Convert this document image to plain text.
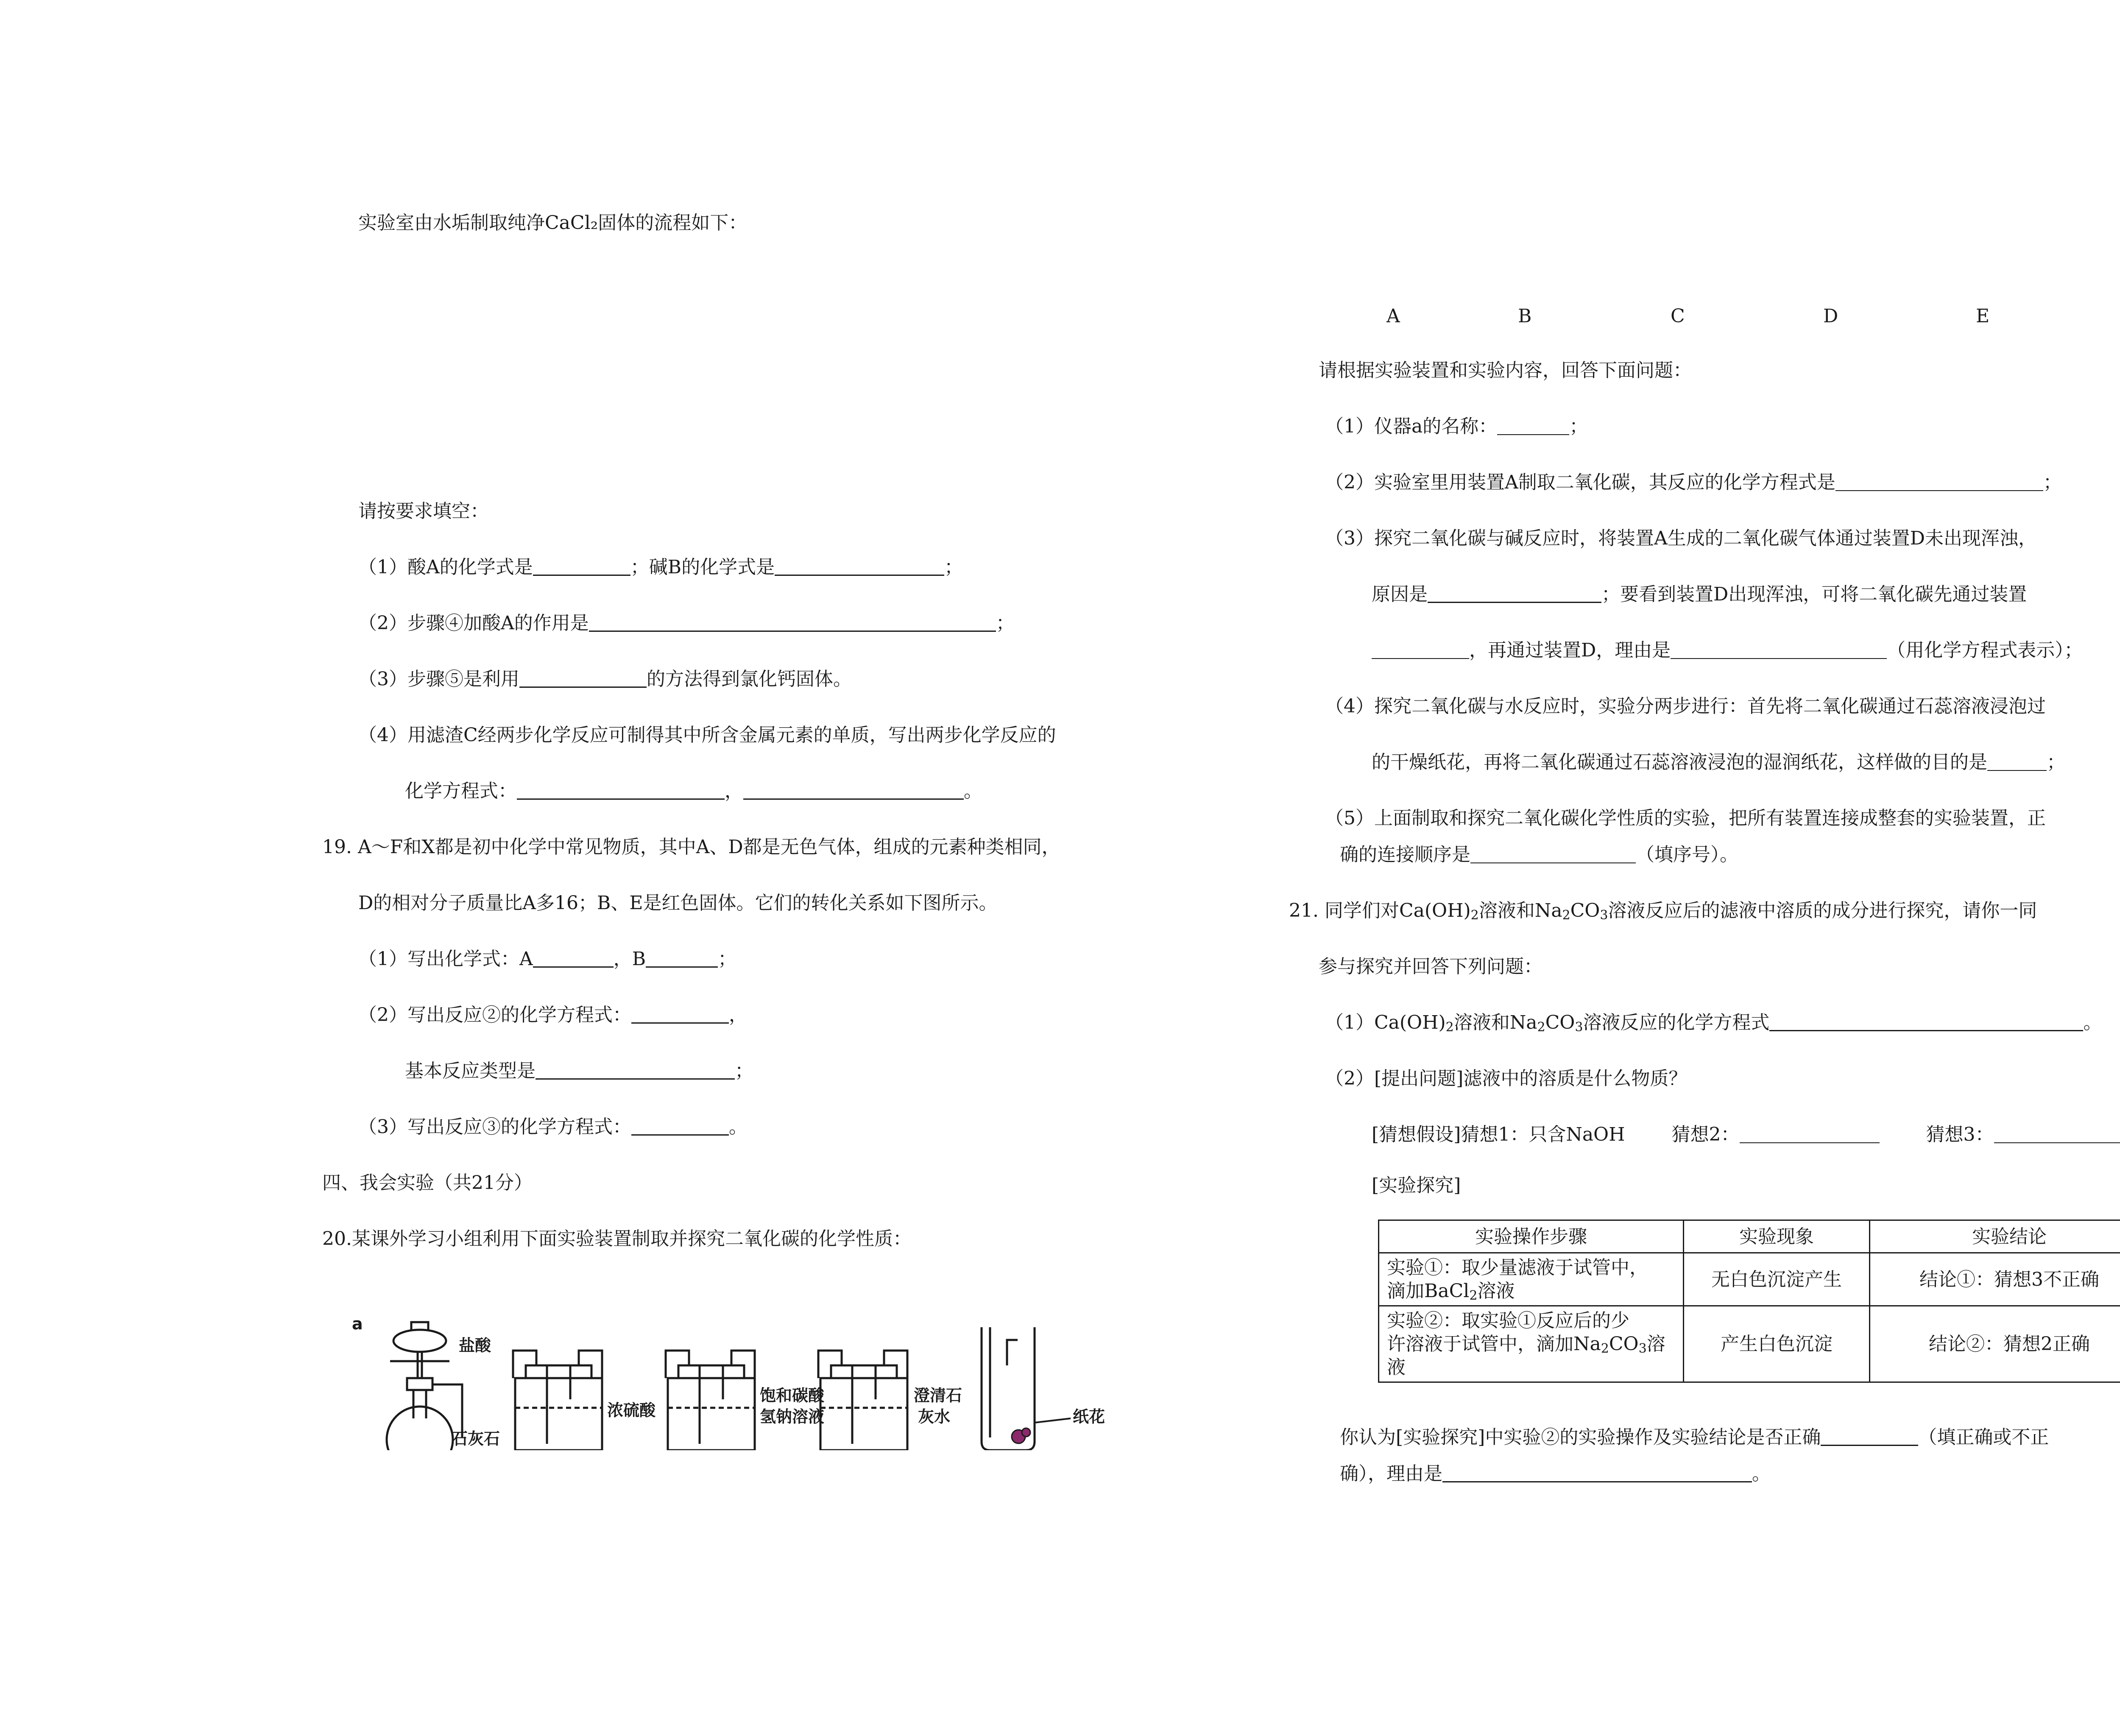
实验室由水垢制取纯净CaCl₂固体的流程如下：
请按要求填空：
（1）酸A的化学式是	；碱B的化学式是	；
（2）步骤④加酸A的作用是	；
（3）步骤⑤是利用	的方法得到氯化钙固体。
（4）用滤渣C经两步化学反应可制得其中所含金属元素的单质，写出两步化学反应的
化学方程式：	，	。
19. A～F和X都是初中化学中常见物质，其中A、D都是无色气体，组成的元素种类相同，
D的相对分子质量比A多16；B、E是红色固体。它们的转化关系如下图所示。
（1）写出化学式：A	，B	；
（2）写出反应②的化学方程式：	，
基本反应类型是	；
（3）写出反应③的化学方程式：	。
四、我会实验（共21分）
20.某课外学习小组利用下面实验装置制取并探究二氧化碳的化学性质：
a
盐酸
石灰石
浓硫酸
饱和碳酸
氢钠溶液
澄清石
灰水	纸花
A	B	C	D	E
请根据实验装置和实验内容，回答下面问题：
（1）仪器a的名称：	；
（2）实验室里用装置A制取二氧化碳，其反应的化学方程式是	；
（3）探究二氧化碳与碱反应时，将装置A生成的二氧化碳气体通过装置D未出现浑浊，
原因是	；要看到装置D出现浑浊，可将二氧化碳先通过装置
，再通过装置D，理由是	（用化学方程式表示）；
（4）探究二氧化碳与水反应时，实验分两步进行：首先将二氧化碳通过石蕊溶液浸泡过
的干燥纸花，再将二氧化碳通过石蕊溶液浸泡的湿润纸花，这样做的目的是	；
（5）上面制取和探究二氧化碳化学性质的实验，把所有装置连接成整套的实验装置，正
确的连接顺序是	（填序号）。
21. 同学们对$Ca(OH)_2$溶液和$Na_2CO_3$溶液反应后的滤液中溶质的成分进行探究，请你一同
参与探究并回答下列问题：
$(1)Ca(OH)_2$溶液和$Na_2CO_3$溶液反应的化学方程式	。
（2）[提出问题]滤液中的溶质是什么物质？
[猜想假设]猜想1：只含NaOH	猜想2：	猜想3：
[实验探究]
实验操作步骤	实验现象	实验结论
实验①：取少量滤液于试管中，
滴加BaCl$_2$溶液	无白色沉淀产生	结论①：猜想3不正确
实验②：取实验①反应后的少
许溶液于试管中，滴加$Na_2CO_3$溶
液	产生白色沉淀	结论②：猜想2正确
你认为[实验探究]中实验②的实验操作及实验结论是否正确	（填正确或不正
确），理由是	。
